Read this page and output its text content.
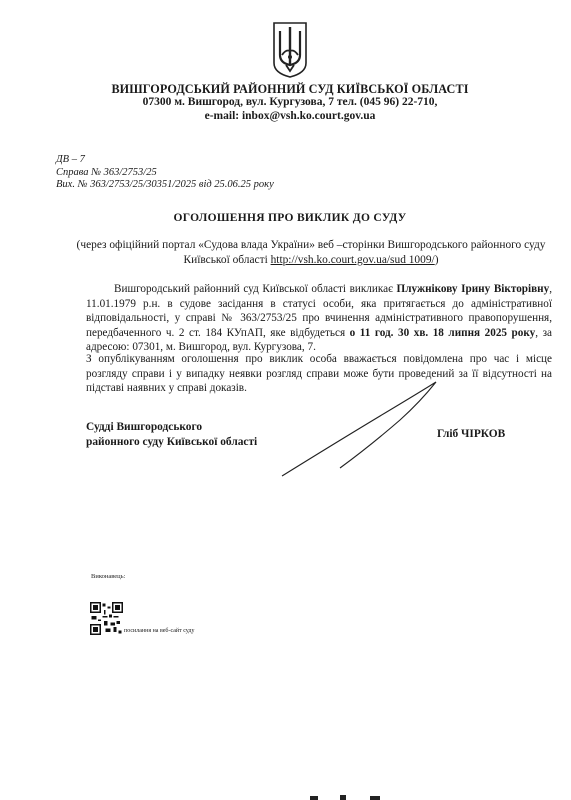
ВИШГОРОДСЬКИЙ РАЙОННИЙ СУД КИЇВСЬКОЇ ОБЛАСТІ
07300 м. Вишгород, вул. Кургузова, 7 тел. (045 96) 22-710,
e-mail: inbox@vsh.ko.court.gov.ua
ДВ – 7
Справа № 363/2753/25
Вих. № 363/2753/25/30351/2025 від 25.06.25 року
ОГОЛОШЕННЯ ПРО ВИКЛИК ДО СУДУ
(через офіційний портал «Судова влада України» веб –сторінки Вишгородського районного суду Київської області http://vsh.ko.court.gov.ua/sud 1009/)
Вишгородський районний суд Київської області викликає Плужнікову Ірину Вікторівну, 11.01.1979 р.н. в судове засідання в статусі особи, яка притягається до адміністративної відповідальності, у справі № 363/2753/25 про вчинення адміністративного правопорушення, передбаченного ч. 2 ст. 184 КУпАП, яке відбудеться о 11 год. 30 хв. 18 липня 2025 року, за адресою: 07301, м. Вишгород, вул. Кургузова, 7.
З опублікуванням оголошення про виклик особа вважається повідомлена про час і місце розгляду справи і у випадку неявки розгляд справи може бути проведений за її відсутності на підставі наявних у справі доказів.
Судді Вишгородського
районного суду Київської області
Гліб ЧІРКОВ
Виконавець:
посилання на веб-сайт суду
